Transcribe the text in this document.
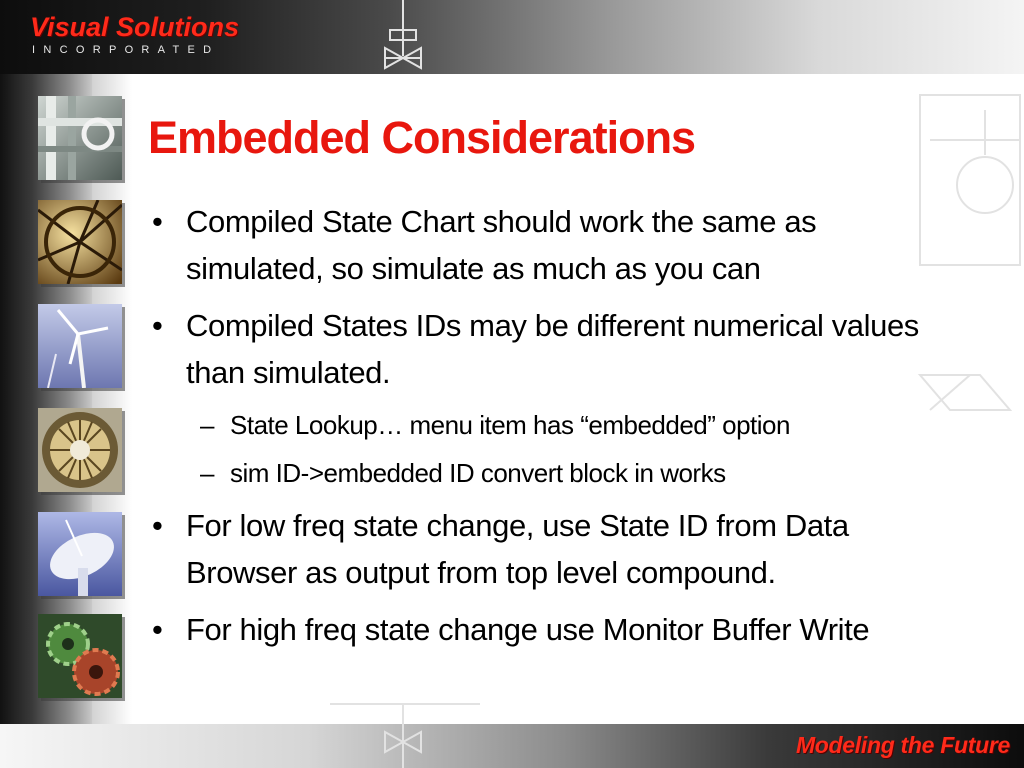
Visual Solutions
INCORPORATED
Embedded Considerations
• Compiled State Chart should work the same as simulated, so simulate as much as you can
• Compiled States IDs may be different numerical values than simulated.
– State Lookup… menu item has “embedded” option
– sim ID->embedded ID convert block in works
• For low freq state change, use State ID from Data Browser as output from top level compound.
• For high freq state change use Monitor Buffer Write
Modeling the Future
